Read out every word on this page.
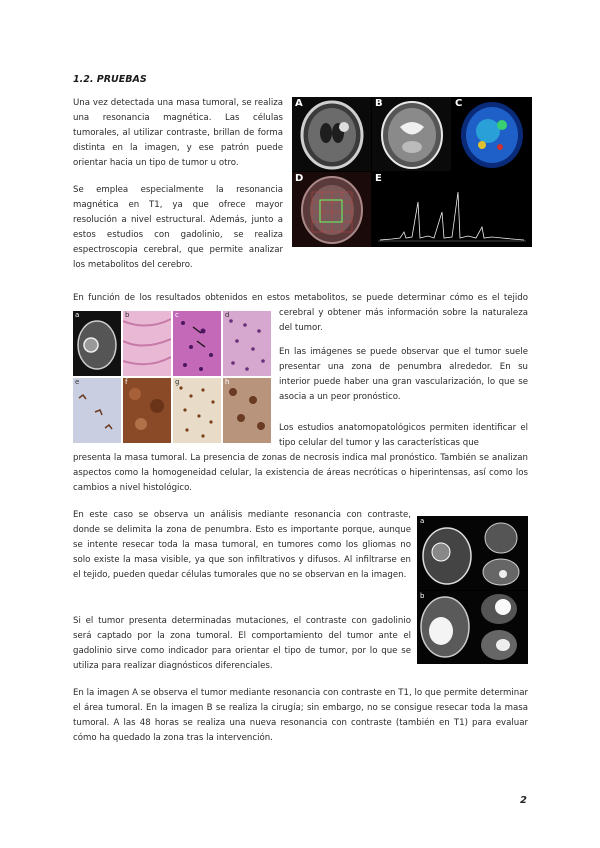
1.2. PRUEBAS

Una vez detectada una masa tumoral, se realiza una resonancia magnética. Las células tumorales, al utilizar contraste, brillan de forma distinta en la imagen, y ese patrón puede orientar hacia un tipo de tumor u otro.

Se emplea especialmente la resonancia magnética en T1, ya que ofrece mayor resolución a nivel estructural. Además, junto a estos estudios con gadolinio, se realiza espectroscopia cerebral, que permite analizar los metabolitos del cerebro.

A	B	C
D	E

En función de los resultados obtenidos en estos metabolitos, se puede determinar cómo es el tejido

a	b	c	d
e	f	g	h

cerebral y obtener más información sobre la naturaleza del tumor.

En las imágenes se puede observar que el tumor suele presentar una zona de penumbra alrededor. En su interior puede haber una gran vascularización, lo que se asocia a un peor pronóstico.

Los estudios anatomopatológicos permiten identificar el tipo celular del tumor y las características que

presenta la masa tumoral. La presencia de zonas de necrosis indica mal pronóstico. También se analizan aspectos como la homogeneidad celular, la existencia de áreas necróticas o hiperintensas, así como los cambios a nivel histológico.

En este caso se observa un análisis mediante resonancia con contraste, donde se delimita la zona de penumbra. Esto es importante porque, aunque se intente resecar toda la masa tumoral, en tumores como los gliomas no solo existe la masa visible, ya que son infiltrativos y difusos. Al infiltrarse en el tejido, pueden quedar células tumorales que no se observan en la imagen.

Si el tumor presenta determinadas mutaciones, el contraste con gadolinio será captado por la zona tumoral. El comportamiento del tumor ante el gadolinio sirve como indicador para orientar el tipo de tumor, por lo que se utiliza para realizar diagnósticos diferenciales.

a
b

En la imagen A se observa el tumor mediante resonancia con contraste en T1, lo que permite determinar el área tumoral. En la imagen B se realiza la cirugía; sin embargo, no se consigue resecar toda la masa tumoral. A las 48 horas se realiza una nueva resonancia con contraste (también en T1) para evaluar cómo ha quedado la zona tras la intervención.

2
